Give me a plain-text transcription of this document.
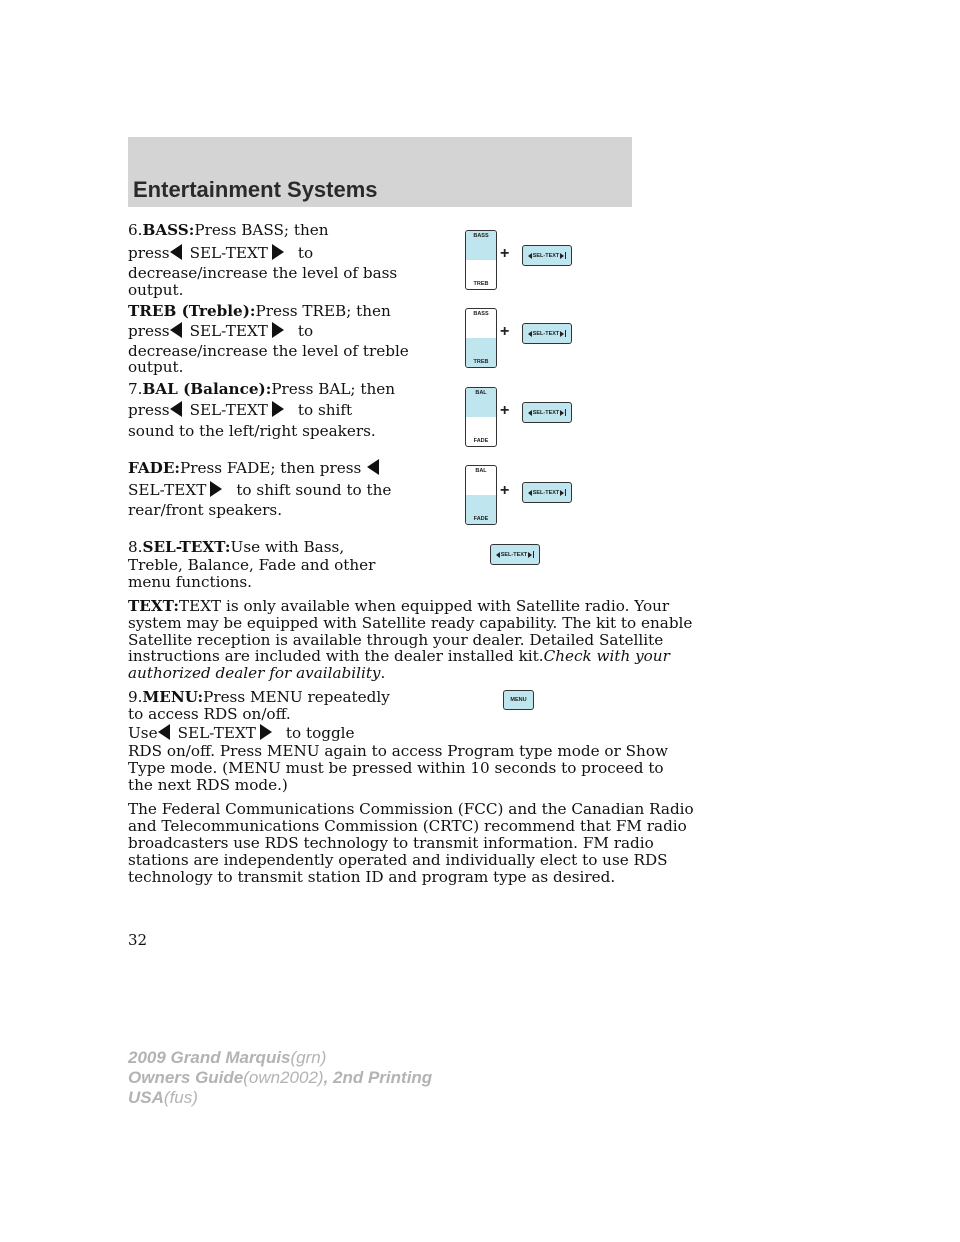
Entertainment Systems
6.BASS:Press BASS; then
press SEL-TEXT to
decrease/increase the level of bass
output.
BASS
TREB
+	SEL-TEXT
TREB (Treble):Press TREB; then
press SEL-TEXT to
decrease/increase the level of treble
output.
BASS
TREB
+	SEL-TEXT
7.BAL (Balance):Press BAL; then
press SEL-TEXT to shift
sound to the left/right speakers.
BAL
FADE
+	SEL-TEXT
FADE:Press FADE; then press
SEL-TEXT to shift sound to the
rear/front speakers.
BAL
FADE
+	SEL-TEXT
8.SEL-TEXT:Use with Bass,
Treble, Balance, Fade and other
menu functions.
SEL-TEXT
TEXT:TEXT is only available when equipped with Satellite radio. Your
system may be equipped with Satellite ready capability. The kit to enable
Satellite reception is available through your dealer. Detailed Satellite
instructions are included with the dealer installed kit.Check with your
authorized dealer for availability.
9.MENU:Press MENU repeatedly
to access RDS on/off.
Use SEL-TEXT to toggle
RDS on/off. Press MENU again to access Program type mode or Show
Type mode. (MENU must be pressed within 10 seconds to proceed to
the next RDS mode.)
MENU
The Federal Communications Commission (FCC) and the Canadian Radio
and Telecommunications Commission (CRTC) recommend that FM radio
broadcasters use RDS technology to transmit information. FM radio
stations are independently operated and individually elect to use RDS
technology to transmit station ID and program type as desired.
32
2009 Grand Marquis(grn)
Owners Guide(own2002), 2nd Printing
USA(fus)
